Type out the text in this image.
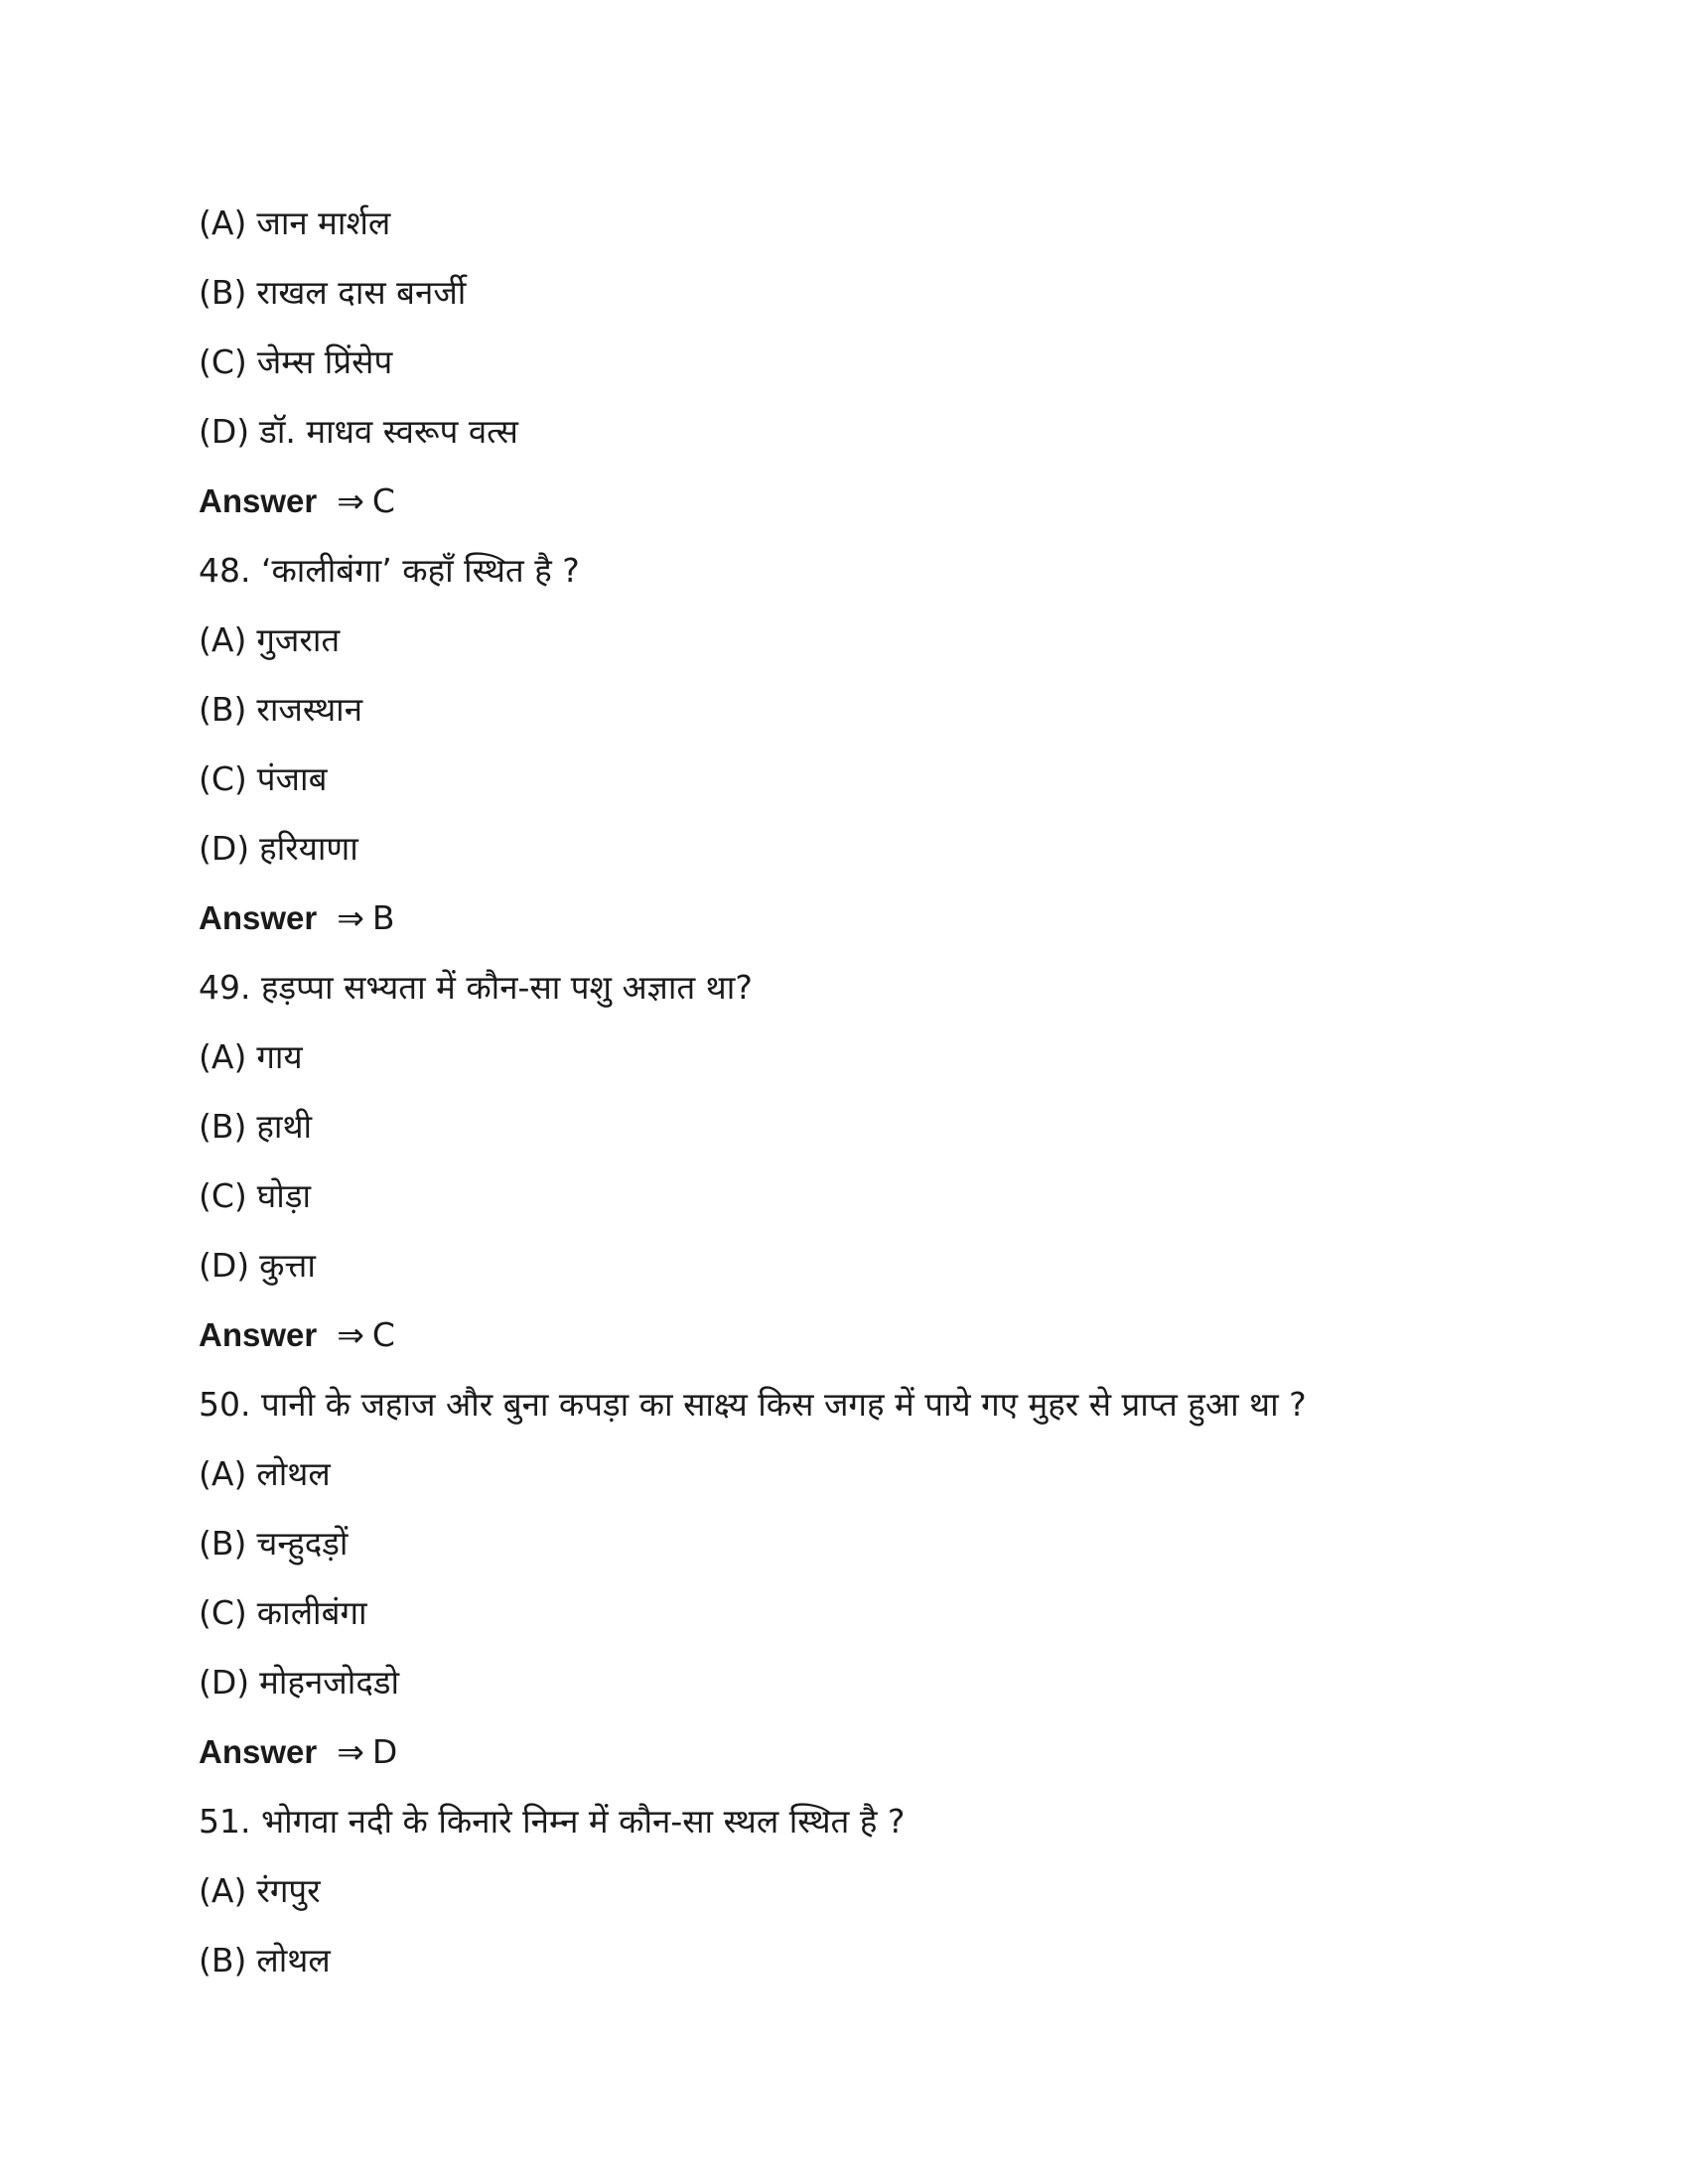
(A) जान मार्शल
(B) राखल दास बनर्जी
(C) जेम्स प्रिंसेप
(D) डॉ. माधव स्वरूप वत्स
Answer ⇒ C
48. ‘कालीबंगा’ कहाँ स्थित है ?
(A) गुजरात
(B) राजस्थान
(C) पंजाब
(D) हरियाणा
Answer ⇒ B
49. हड़प्पा सभ्यता में कौन-सा पशु अज्ञात था?
(A) गाय
(B) हाथी
(C) घोड़ा
(D) कुत्ता
Answer ⇒ C
50. पानी के जहाज और बुना कपड़ा का साक्ष्य किस जगह में पाये गए मुहर से प्राप्त हुआ था ?
(A) लोथल
(B) चन्हुदड़ों
(C) कालीबंगा
(D) मोहनजोदडो
Answer ⇒ D
51. भोगवा नदी के किनारे निम्न में कौन-सा स्थल स्थित है ?
(A) रंगपुर
(B) लोथल
